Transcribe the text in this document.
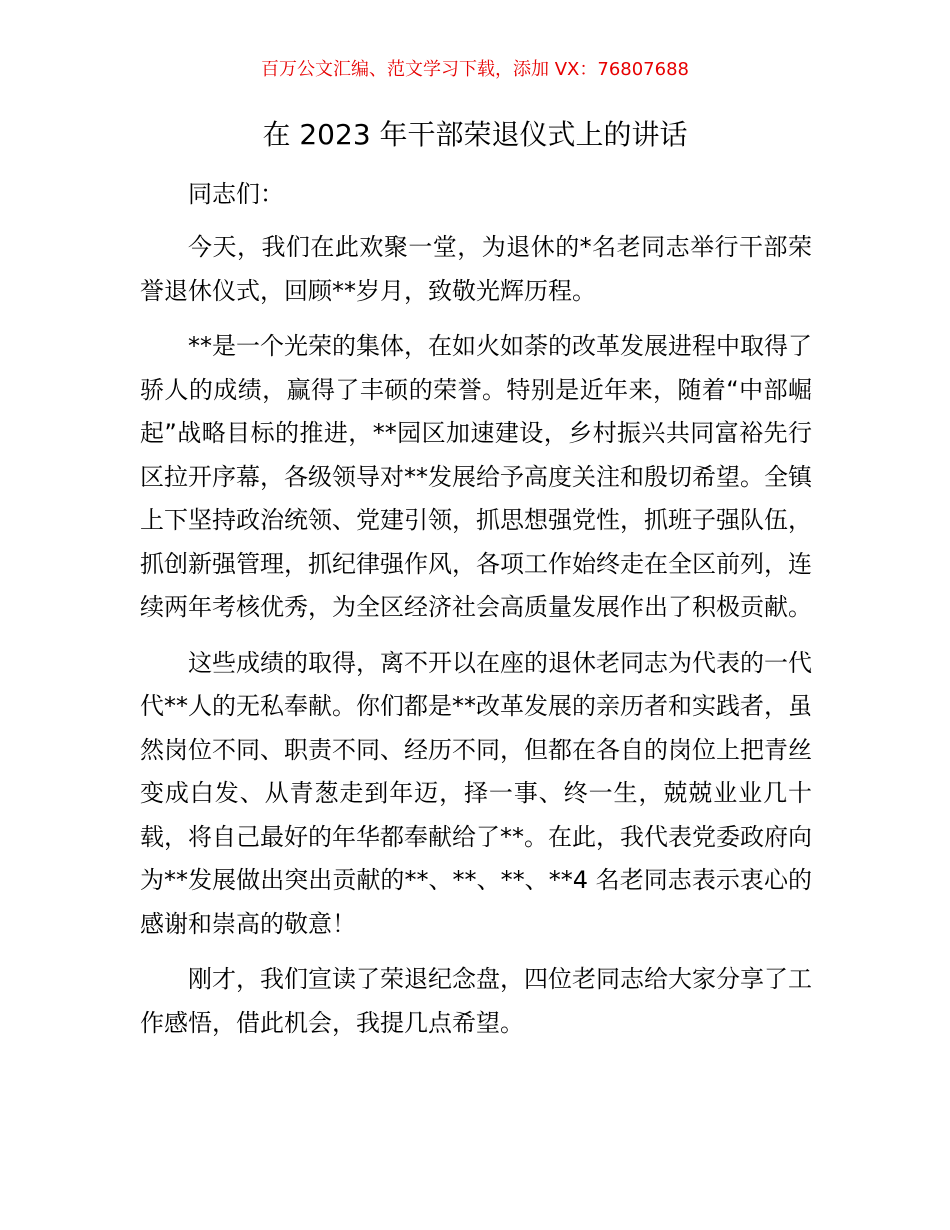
百万公文汇编、范文学习下载，添加 VX：76807688
在 2023 年干部荣退仪式上的讲话

同志们：

今天，我们在此欢聚一堂，为退休的*名老同志举行干部荣誉退休仪式，回顾**岁月，致敬光辉历程。

**是一个光荣的集体，在如火如荼的改革发展进程中取得了骄人的成绩，赢得了丰硕的荣誉。特别是近年来，随着“中部崛起”战略目标的推进，**园区加速建设，乡村振兴共同富裕先行区拉开序幕，各级领导对**发展给予高度关注和殷切希望。全镇上下坚持政治统领、党建引领，抓思想强党性，抓班子强队伍，抓创新强管理，抓纪律强作风，各项工作始终走在全区前列，连续两年考核优秀，为全区经济社会高质量发展作出了积极贡献。

这些成绩的取得，离不开以在座的退休老同志为代表的一代代**人的无私奉献。你们都是**改革发展的亲历者和实践者，虽然岗位不同、职责不同、经历不同，但都在各自的岗位上把青丝变成白发、从青葱走到年迈，择一事、终一生，兢兢业业几十载，将自己最好的年华都奉献给了**。在此，我代表党委政府向为**发展做出突出贡献的**、**、**、**4 名老同志表示衷心的感谢和崇高的敬意！

刚才，我们宣读了荣退纪念盘，四位老同志给大家分享了工作感悟，借此机会，我提几点希望。
